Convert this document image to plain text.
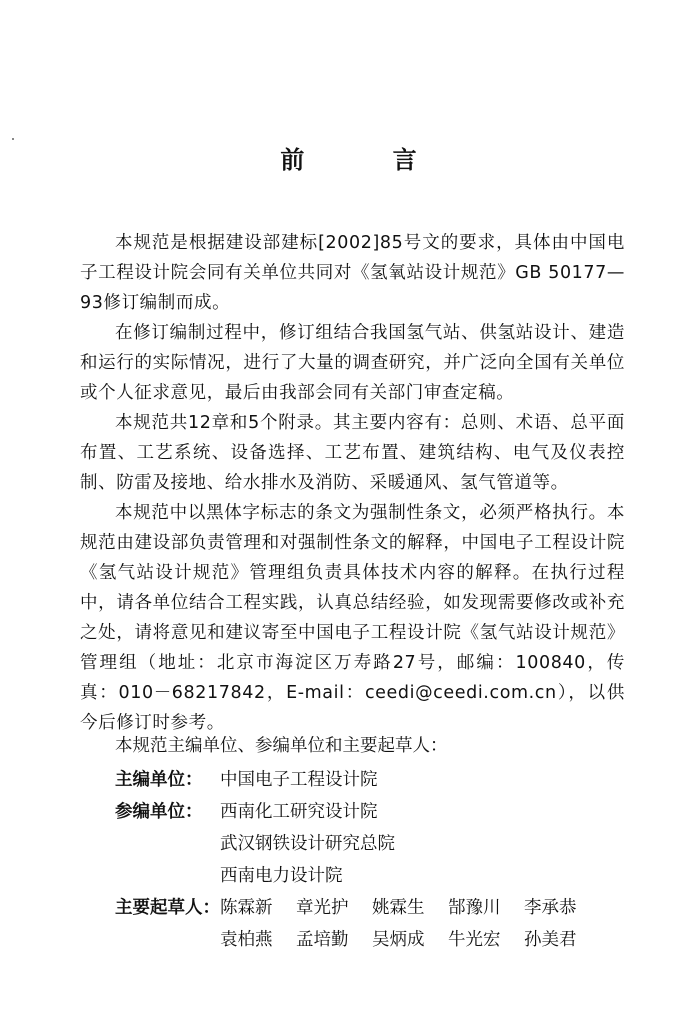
前 言

本规范是根据建设部建标[2002]85号文的要求，具体由中国电子工程设计院会同有关单位共同对《氢氧站设计规范》GB 50177—93修订编制而成。

在修订编制过程中，修订组结合我国氢气站、供氢站设计、建造和运行的实际情况，进行了大量的调查研究，并广泛向全国有关单位或个人征求意见，最后由我部会同有关部门审查定稿。

本规范共12章和5个附录。其主要内容有：总则、术语、总平面布置、工艺系统、设备选择、工艺布置、建筑结构、电气及仪表控制、防雷及接地、给水排水及消防、采暖通风、氢气管道等。

本规范中以黑体字标志的条文为强制性条文，必须严格执行。本规范由建设部负责管理和对强制性条文的解释，中国电子工程设计院《氢气站设计规范》管理组负责具体技术内容的解释。在执行过程中，请各单位结合工程实践，认真总结经验，如发现需要修改或补充之处，请将意见和建议寄至中国电子工程设计院《氢气站设计规范》管理组（地址：北京市海淀区万寿路27号，邮编：100840，传真：010－68217842，E-mail：ceedi@ceedi.com.cn），以供今后修订时参考。

本规范主编单位、参编单位和主要起草人：
主编单位：	中国电子工程设计院
参编单位：	西南化工研究设计院
武汉钢铁设计研究总院
西南电力设计院
主要起草人： 陈霖新	章光护	姚霖生	郜豫川	李承恭
袁柏燕	孟培勤	吴炳成	牛光宏	孙美君
